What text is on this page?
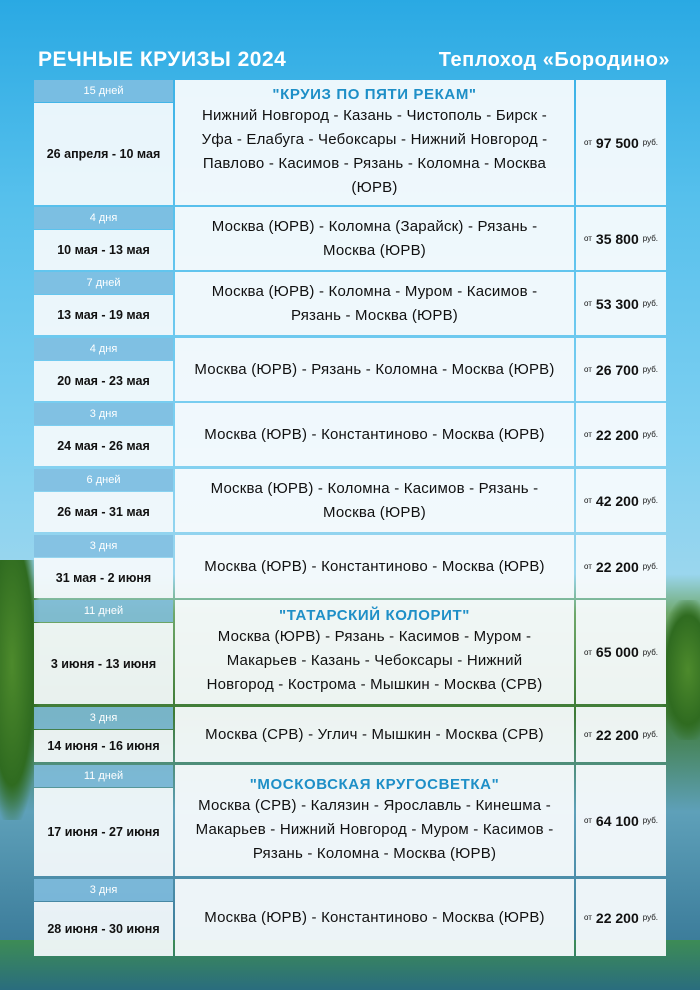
РЕЧНЫЕ КРУИЗЫ 2024	Теплоход «Бородино»
15 дней
26 апреля - 10 мая
"КРУИЗ ПО ПЯТИ РЕКАМ"
Нижний Новгород - Казань - Чистополь - Бирск - Уфа - Елабуга - Чебоксары - Нижний Новгород - Павлово - Касимов - Рязань - Коломна - Москва (ЮРВ)
от 97 500 руб.
4 дня
10 мая - 13 мая
Москва (ЮРВ) - Коломна (Зарайск) - Рязань - Москва (ЮРВ)
от 35 800 руб.
7 дней
13 мая - 19 мая
Москва (ЮРВ) - Коломна - Муром - Касимов - Рязань - Москва (ЮРВ)
от 53 300 руб.
4 дня
20 мая - 23 мая
Москва (ЮРВ) - Рязань - Коломна - Москва (ЮРВ)	от 26 700 руб.
3 дня
24 мая - 26 мая
Москва (ЮРВ) - Константиново - Москва (ЮРВ)	от 22 200 руб.
6 дней
26 мая - 31 мая
Москва (ЮРВ) - Коломна - Касимов - Рязань - Москва (ЮРВ)
от 42 200 руб.
3 дня
31 мая - 2 июня
Москва (ЮРВ) - Константиново - Москва (ЮРВ)	от 22 200 руб.
11 дней
3 июня - 13 июня
"ТАТАРСКИЙ КОЛОРИТ"
Москва (ЮРВ) - Рязань - Касимов - Муром - Макарьев - Казань - Чебоксары - Нижний Новгород - Кострома - Мышкин - Москва (СРВ)
от 65 000 руб.
3 дня
14 июня - 16 июня
Москва (СРВ) - Углич - Мышкин - Москва (СРВ)	от 22 200 руб.
11 дней
17 июня - 27 июня
"МОСКОВСКАЯ КРУГОСВЕТКА"
Москва (СРВ) - Калязин - Ярославль - Кинешма - Макарьев - Нижний Новгород - Муром - Касимов - Рязань - Коломна - Москва (ЮРВ)
от 64 100 руб.
3 дня
28 июня - 30 июня
Москва (ЮРВ) - Константиново - Москва (ЮРВ)	от 22 200 руб.
